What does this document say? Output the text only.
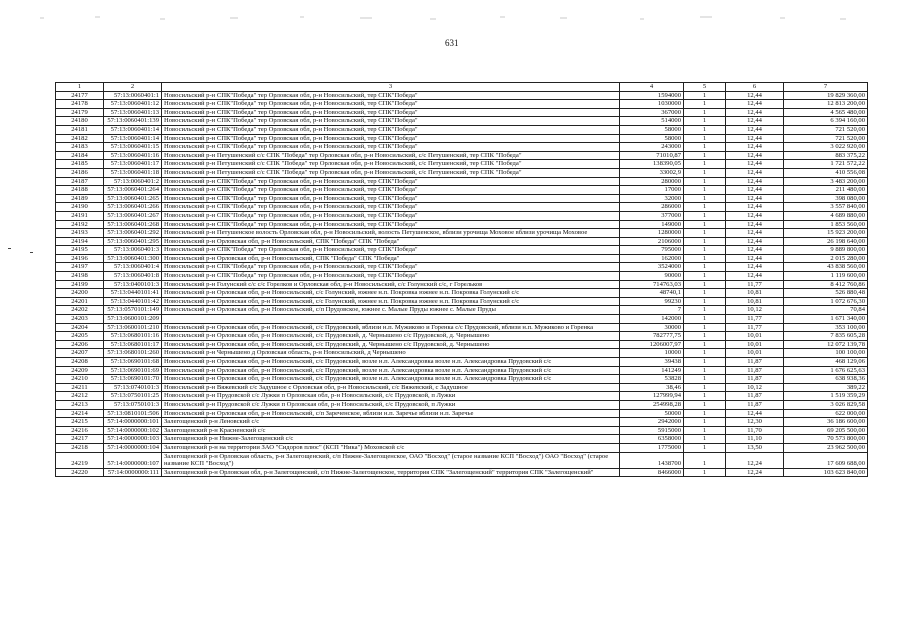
631
1	2	3	4	5	6	7
24177	57:13:0060401:1	Новосильский р-н СПК"Победа" тер Орловская обл, р-н Новосильский, тер СПК"Победа"	1594000	1	12,44	19 829 360,00
24178	57:13:0060401:12	Новосильский р-н СПК"Победа" тер Орловская обл, р-н Новосильский, тер СПК"Победа"	1030000	1	12,44	12 813 200,00
24179	57:13:0060401:13	Новосильский р-н СПК"Победа" тер Орловская обл, р-н Новосильский, тер СПК"Победа"	367000	1	12,44	4 565 480,00
24180	57:13:0060401:139	Новосильский р-н СПК"Победа" тер Орловская обл, р-н Новосильский, тер СПК"Победа"	514000	1	12,44	6 394 160,00
24181	57:13:0060401:14	Новосильский р-н СПК"Победа" тер Орловская обл, р-н Новосильский, тер СПК"Победа"	58000	1	12,44	721 520,00
24182	57:13:0060401:14	Новосильский р-н СПК"Победа" тер Орловская обл, р-н Новосильский, тер СПК"Победа"	58000	1	12,44	721 520,00
24183	57:13:0060401:15	Новосильский р-н СПК"Победа" тер Орловская обл, р-н Новосильский, тер СПК"Победа"	243000	1	12,44	3 022 920,00
24184	57:13:0060401:16	Новосильский р-н Петушенский с/с СПК "Победа" тер Орловская обл, р-н Новосильский, с/с Петушенский, тер СПК "Победа"	71010,87	1	12,44	883 375,22
24185	57:13:0060401:17	Новосильский р-н Петушенский с/с СПК "Победа" тер Орловская обл, р-н Новосильский, с/с Петушенский, тер СПК "Победа"	138390,05	1	12,44	1 721 572,22
24186	57:13:0060401:18	Новосильский р-н Петушенский с/с СПК "Победа" тер Орловская обл, р-н Новосильский, с/с Петушенский, тер СПК "Победа"	33002,9	1	12,44	410 556,08
24187	57:13:0060401:2	Новосильский р-н СПК"Победа" тер Орловская обл, р-н Новосильский, тер СПК"Победа"	280000	1	12,44	3 483 200,00
24188	57:13:0060401:264	Новосильский р-н СПК"Победа" тер Орловская обл, р-н Новосильский, тер СПК"Победа"	17000	1	12,44	211 480,00
24189	57:13:0060401:265	Новосильский р-н СПК"Победа" тер Орловская обл, р-н Новосильский, тер СПК"Победа"	32000	1	12,44	398 080,00
24190	57:13:0060401:266	Новосильский р-н СПК"Победа" тер Орловская обл, р-н Новосильский, тер СПК"Победа"	286000	1	12,44	3 557 840,00
24191	57:13:0060401:267	Новосильский р-н СПК"Победа" тер Орловская обл, р-н Новосильский, тер СПК"Победа"	377000	1	12,44	4 689 880,00
24192	57:13:0060401:268	Новосильский р-н СПК"Победа" тер Орловская обл, р-н Новосильский, тер СПК"Победа"	149000	1	12,44	1 853 560,00
24193	57:13:0060401:292	Новосильский р-н Петушенское волость Орловская обл, р-н Новосильский, волость Петушенское, вблизи урочища Моховое вблизи урочища Моховое	1280000	1	12,44	15 923 200,00
24194	57:13:0060401:295	Новосильский р-н Орловская обл, р-н Новосильский, СПК "Победа" СПК "Победа"	2106000	1	12,44	26 198 640,00
24195	57:13:0060401:3	Новосильский р-н СПК"Победа" тер Орловская обл, р-н Новосильский, тер СПК"Победа"	795000	1	12,44	9 889 800,00
24196	57:13:0060401:300	Новосильский р-н Орловская обл, р-н Новосильский, СПК "Победа" СПК "Победа"	162000	1	12,44	2 015 280,00
24197	57:13:0060401:4	Новосильский р-н СПК"Победа" тер Орловская обл, р-н Новосильский, тер СПК"Победа"	3524000	1	12,44	43 838 560,00
24198	57:13:0060401:8	Новосильский р-н СПК"Победа" тер Орловская обл, р-н Новосильский, тер СПК"Победа"	90000	1	12,44	1 119 600,00
24199	57:13:0400101:3	Новосильский р-н Голунский с/с с/с Горелков и Орловская обл, р-н Новосильский, с/с Голунский с/с, г Горельков	714763,03	1	11,77	8 412 760,86
24200	57:13:0440101:41	Новосильский р-н Орловская обл, р-н Новосильский, с/с Голунский, южнее н.п. Покровка южнее н.п. Покровка Голунский с/с	48740,1	1	10,81	526 880,48
24201	57:13:0440101:42	Новосильский р-н Орловская обл, р-н Новосильский, с/с Голунский, южнее н.п. Покровка южнее н.п. Покровка Голунский с/с	99230	1	10,81	1 072 676,30
24202	57:13:0570101:149	Новосильский р-н Орловская обл, р-н Новосильский, с/п Прудовское, южнее с. Малые Пруды южнее с. Малые Пруды	7	1	10,12	70,84
24203	57:13:0600101:209		142000	1	11,77	1 671 340,00
24204	57:13:0600101:210	Новосильский р-н Орловская обл, р-н Новосильский, с/с Прудовский, вблизи н.п. Мужиково и Горенка с/с Прудовский, вблизи н.п. Мужиково и Горенка	30000	1	11,77	353 100,00
24205	57:13:0680101:16	Новосильский р-н Орловская обл, р-н Новосильский, с/с Прудовский, д. Чернышено с/с Прудовской, д. Чернышено	782777,75	1	10,01	7 835 605,28
24206	57:13:0680101:17	Новосильский р-н Орловская обл, р-н Новосильский, с/с Прудовский, д. Чернышено с/с Прудовской, д. Чернышено	1206007,97	1	10,01	12 072 139,78
24207	57:13:0680101:260	Новосильский р-н Чернышено д Орловская область, р-н Новосильский, д Чернышено	10000	1	10,01	100 100,00
24208	57:13:0690101:68	Новосильский р-н Орловская обл, р-н Новосильский, с/с Прудовский, возле н.п. Александровка возле н.п. Александровка Прудовский с/с	39438	1	11,87	468 129,06
24209	57:13:0690101:69	Новосильский р-н Орловская обл, р-н Новосильский, с/с Прудовский, возле н.п. Александровка возле н.п. Александровка Прудовский с/с	141249	1	11,87	1 676 625,63
24210	57:13:0690101:70	Новосильский р-н Орловская обл, р-н Новосильский, с/с Прудовский, возле н.п. Александровка возле н.п. Александровка Прудовский с/с	53828	1	11,87	638 938,36
24211	57:13:0740101:3	Новосильский р-н Вяжевский с/с Задушное с Орловская обл, р-н Новосильский, с/с Вяжевский, с Задушное	38,46	1	10,12	389,22
24212	57:13:0750101:25	Новосильский р-н Прудовской с/с Лужки п Орловская обл, р-н Новосильский, с/с Прудовской, п Лужки	127999,94	1	11,87	1 519 359,29
24213	57:13:0750101:3	Новосильский р-н Прудовской с/с Лужки п Орловская обл, р-н Новосильский, с/с Прудовской, п Лужки	254998,28	1	11,87	3 026 829,58
24214	57:13:0810101:506	Новосильский р-н Орловская обл, р-н Новосильский, с/п Зареченское, вблизи н.п. Заречье вблизи н.п. Заречье	50000	1	12,44	622 000,00
24215	57:14:0000000:101	Залегощенский р-н Леновский с/с	2942000	1	12,30	36 186 600,00
24216	57:14:0000000:102	Залегощенский р-н Красненский с/с	5915000	1	11,70	69 205 500,00
24217	57:14:0000000:103	Залегощенский р-н Нижне-Залегощенский с/с	6358000	1	11,10	70 573 800,00
24218	57:14:0000000:104	Залегощенский р-н на территории ЗАО "Сидоров плюс" (КСП "Ника") Моховской с/с	1775000	1	13,50	23 962 500,00
24219	57:14:0000000:107	Залегощенский р-н Орловская область, р-н Залегощенский, с/п Нижне-Залегощенское, ОАО "Восход" (старое название КСП "Восход") ОАО "Восход" (старое название КСП "Восход")	1438700	1	12,24	17 609 688,00
24220	57:14:0000000:111	Залегощенский р-н Орловская обл, р-н Залегощенский, с/п Нижне-Залегощенское, территория СПК "Залегощенский" территория СПК "Залегощенский"	8466000	1	12,24	103 623 840,00
